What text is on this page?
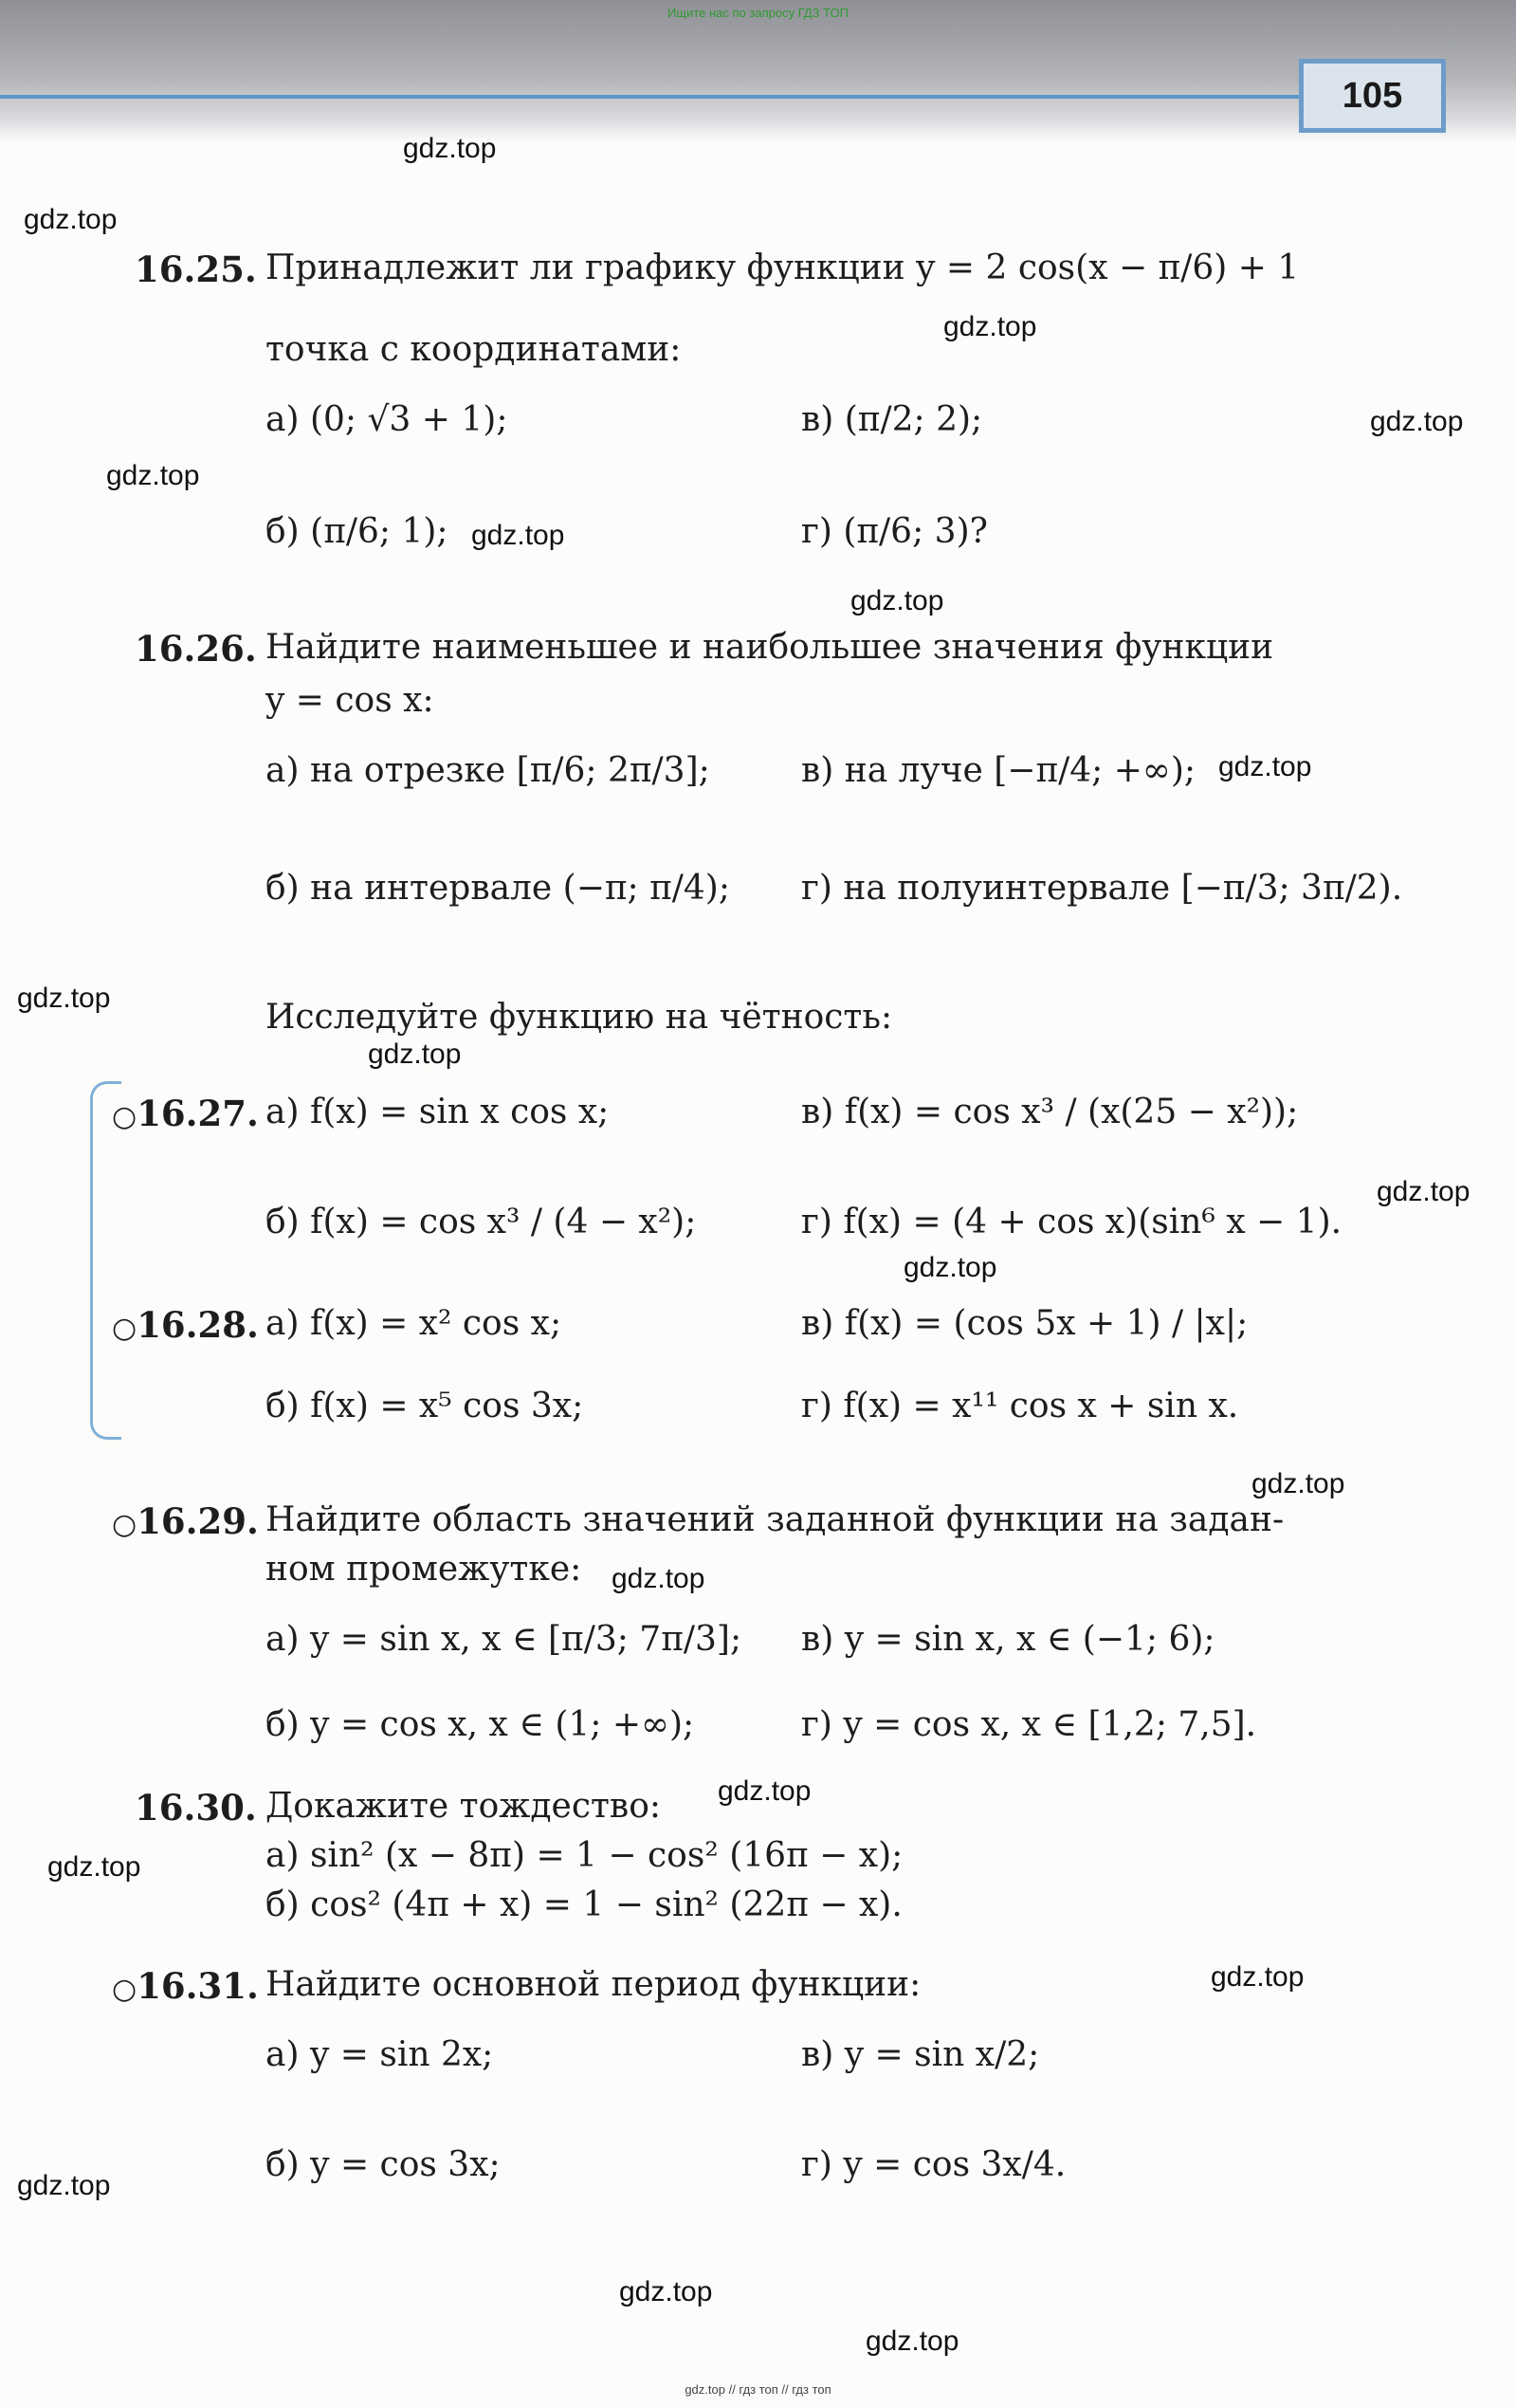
Ищите нас по запросу ГДЗ ТОП
105
gdz.top
gdz.top
gdz.top
gdz.top
gdz.top
gdz.top
gdz.top
gdz.top
gdz.top
gdz.top
gdz.top
gdz.top
gdz.top
gdz.top
gdz.top
gdz.top
gdz.top
gdz.top
gdz.top
gdz.top
16.25. Принадлежит ли графику функции y = 2 cos(x − π/6) + 1
точка с координатами:
а) (0; √3 + 1);	в) (π/2; 2);
б) (π/6; 1);	г) (π/6; 3)?
16.26. Найдите наименьшее и наибольшее значения функции
y = cos x:
а) на отрезке [π/6; 2π/3];	в) на луче [−π/4; +∞);
б) на интервале (−π; π/4); г) на полуинтервале [−π/3; 3π/2).
Исследуйте функцию на чётность:
○16.27. а) f(x) = sin x cos x;	в) f(x) = cos x³ / (x(25 − x²));
б) f(x) = cos x³ / (4 − x²);	г) f(x) = (4 + cos x)(sin⁶ x − 1).
○16.28. а) f(x) = x² cos x;	в) f(x) = (cos 5x + 1) / |x|;
б) f(x) = x⁵ cos 3x;	г) f(x) = x¹¹ cos x + sin x.
○16.29. Найдите область значений заданной функции на задан-
ном промежутке:
а) y = sin x, x ∈ [π/3; 7π/3]; в) y = sin x, x ∈ (−1; 6);
б) y = cos x, x ∈ (1; +∞);	г) y = cos x, x ∈ [1,2; 7,5].
16.30. Докажите тождество:
а) sin² (x − 8π) = 1 − cos² (16π − x);
б) cos² (4π + x) = 1 − sin² (22π − x).
○16.31. Найдите основной период функции:
а) y = sin 2x;	в) y = sin x/2;
б) y = cos 3x;	г) y = cos 3x/4.
gdz.top // гдз топ // гдз топ
